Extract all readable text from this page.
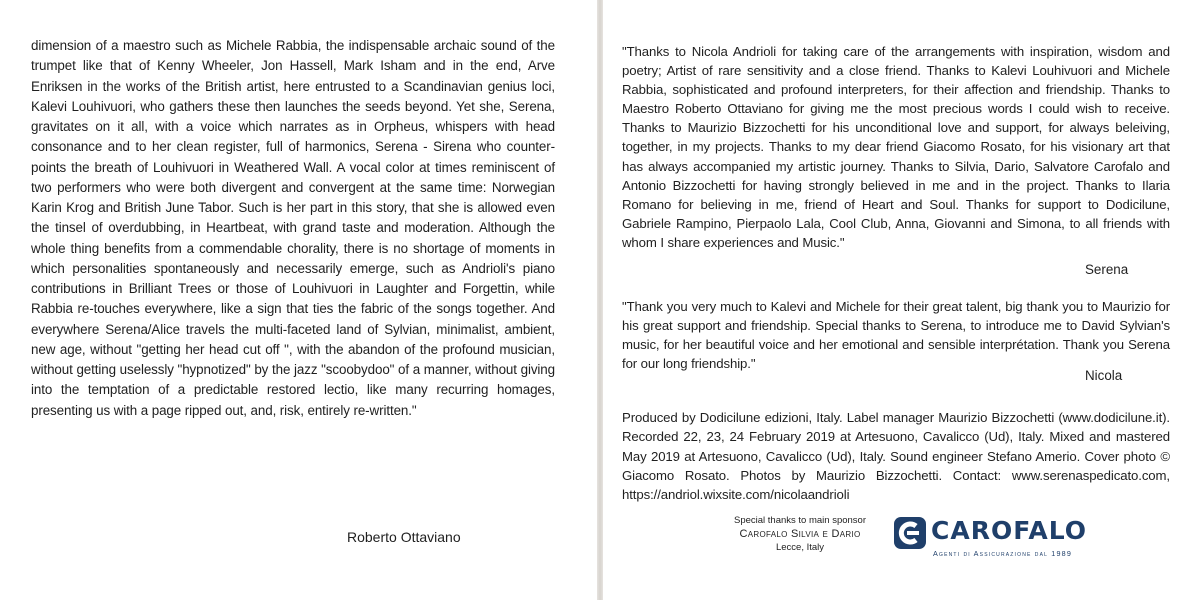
dimension of a maestro such as Michele Rabbia, the indispensable archaic sound of the trumpet like that of Kenny Wheeler, Jon Hassell, Mark Isham and in the end, Arve Enriksen in the works of the British artist, here entrusted to a Scandinavian genius loci, Kalevi Louhivuori, who gathers these then launches the seeds beyond. Yet she, Serena, gravitates on it all, with a voice which narrates as in Orpheus, whispers with head consonance and to her clean register, full of harmonics, Serena - Sirena who counter-points the breath of Louhivuori in Weathered Wall. A vocal color at times reminiscent of two performers who were both divergent and convergent at the same time: Norwegian Karin Krog and British June Tabor. Such is her part in this story, that she is allowed even the tinsel of overdubbing, in Heartbeat, with grand taste and moderation. Although the whole thing benefits from a commendable chorality, there is no shortage of moments in which personalities spontaneously and necessarily emerge, such as Andrioli's piano contributions in Brilliant Trees or those of Louhivuori in Laughter and Forgettin, while Rabbia re-touches everywhere, like a sign that ties the fabric of the songs together. And everywhere Serena/Alice travels the multi-faceted land of Sylvian, minimalist, ambient, new age, without "getting her head cut off ", with the abandon of the profound musician, without getting uselessly "hypnotized" by the jazz "scoobydoo" of a manner, without giving into the temptation of a predictable restored lectio, like many recurring homages, presenting us with a page ripped out, and, risk, entirely re-written."
Roberto Ottaviano
"Thanks to Nicola Andrioli for taking care of the arrangements with inspiration, wisdom and poetry; Artist of rare sensitivity and a close friend. Thanks to Kalevi Louhivuori and Michele Rabbia, sophisticated and profound interpreters, for their affection and friendship. Thanks to Maestro Roberto Ottaviano for giving me the most precious words I could wish to receive. Thanks to Maurizio Bizzochetti for his unconditional love and support, for always beleiving, together, in my projects. Thanks to my dear friend Giacomo Rosato, for his visionary art that has always accompanied my artistic journey. Thanks to Silvia, Dario, Salvatore Carofalo and Antonio Bizzochetti for having strongly believed in me and in the project. Thanks to Ilaria Romano for believing in me, friend of Heart and Soul. Thanks for support to Dodicilune, Gabriele Rampino, Pierpaolo Lala, Cool Club, Anna, Giovanni and Simona, to all friends with whom I share experiences and Music."
Serena
"Thank you very much to Kalevi and Michele for their great talent, big thank you to Maurizio for his great support and friendship. Special thanks to Serena, to introduce me to David Sylvian's music, for her beautiful voice and her emotional and sensible interprétation. Thank you Serena for our long friendship."
Nicola
Produced by Dodicilune edizioni, Italy. Label manager Maurizio Bizzochetti (www.dodicilune.it). Recorded 22, 23, 24 February 2019 at Artesuono, Cavalicco (Ud), Italy. Mixed and mastered May 2019 at Artesuono, Cavalicco (Ud), Italy. Sound engineer Stefano Amerio. Cover photo © Giacomo Rosato. Photos by Maurizio Bizzochetti. Contact: www.serenaspedicato.com, https://andriol.wixsite.com/nicolaandrioli
Special thanks to main sponsor
Carofalo Silvia e Dario
Lecce, Italy
CAROFALO
Agenti di Assicurazione dal 1989
